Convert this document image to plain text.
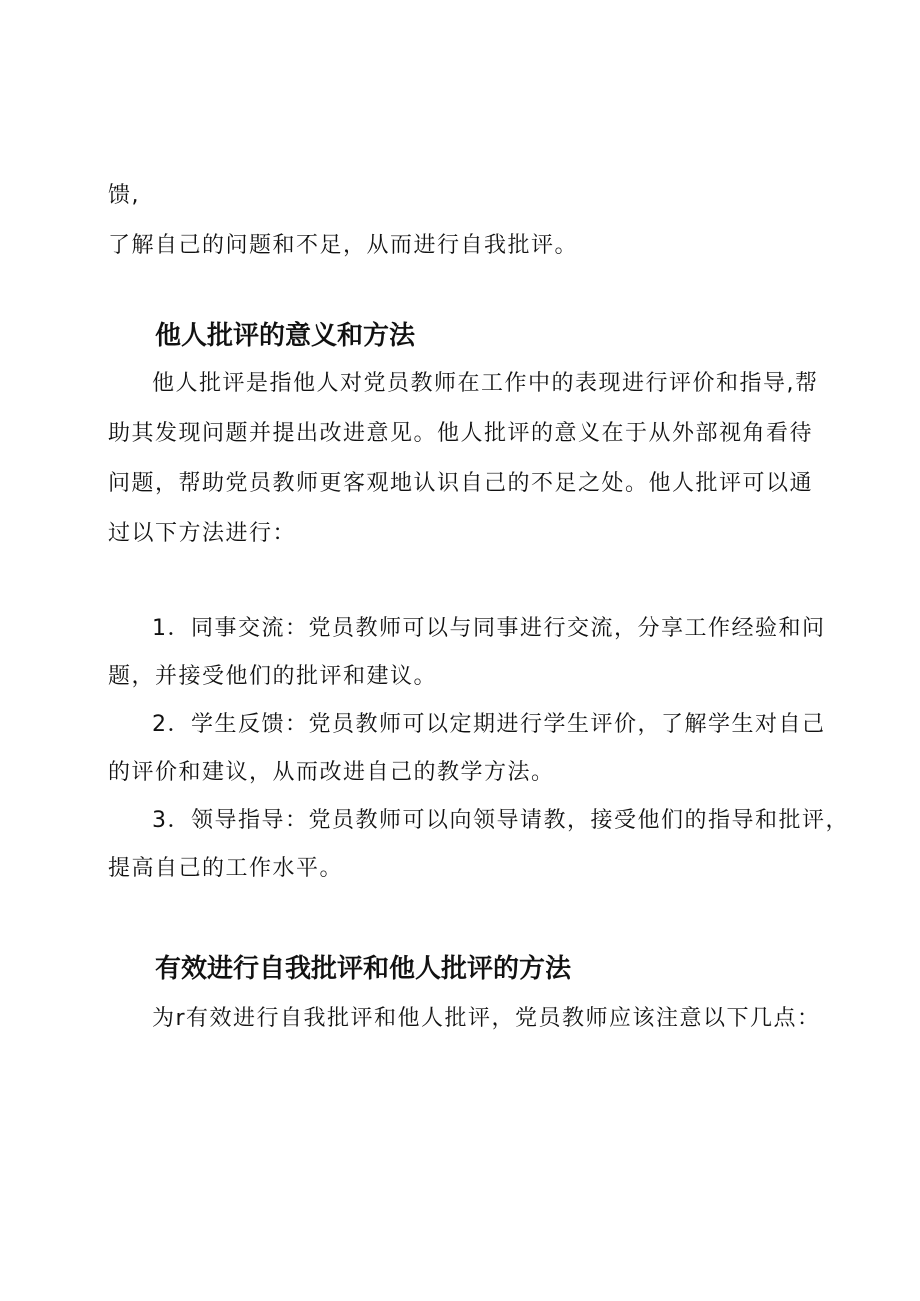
馈,
了解自己的问题和不足，从而进行自我批评。
他人批评的意义和方法
他人批评是指他人对党员教师在工作中的表现进行评价和指导,帮
助其发现问题并提出改进意见。他人批评的意义在于从外部视角看待
问题，帮助党员教师更客观地认识自己的不足之处。他人批评可以通
过以下方法进行：
1．同事交流：党员教师可以与同事进行交流，分享工作经验和问
题，并接受他们的批评和建议。
2．学生反馈：党员教师可以定期进行学生评价，了解学生对自己
的评价和建议，从而改进自己的教学方法。
3．领导指导：党员教师可以向领导请教，接受他们的指导和批评，
提高自己的工作水平。
有效进行自我批评和他人批评的方法
为r有效进行自我批评和他人批评，党员教师应该注意以下几点：
